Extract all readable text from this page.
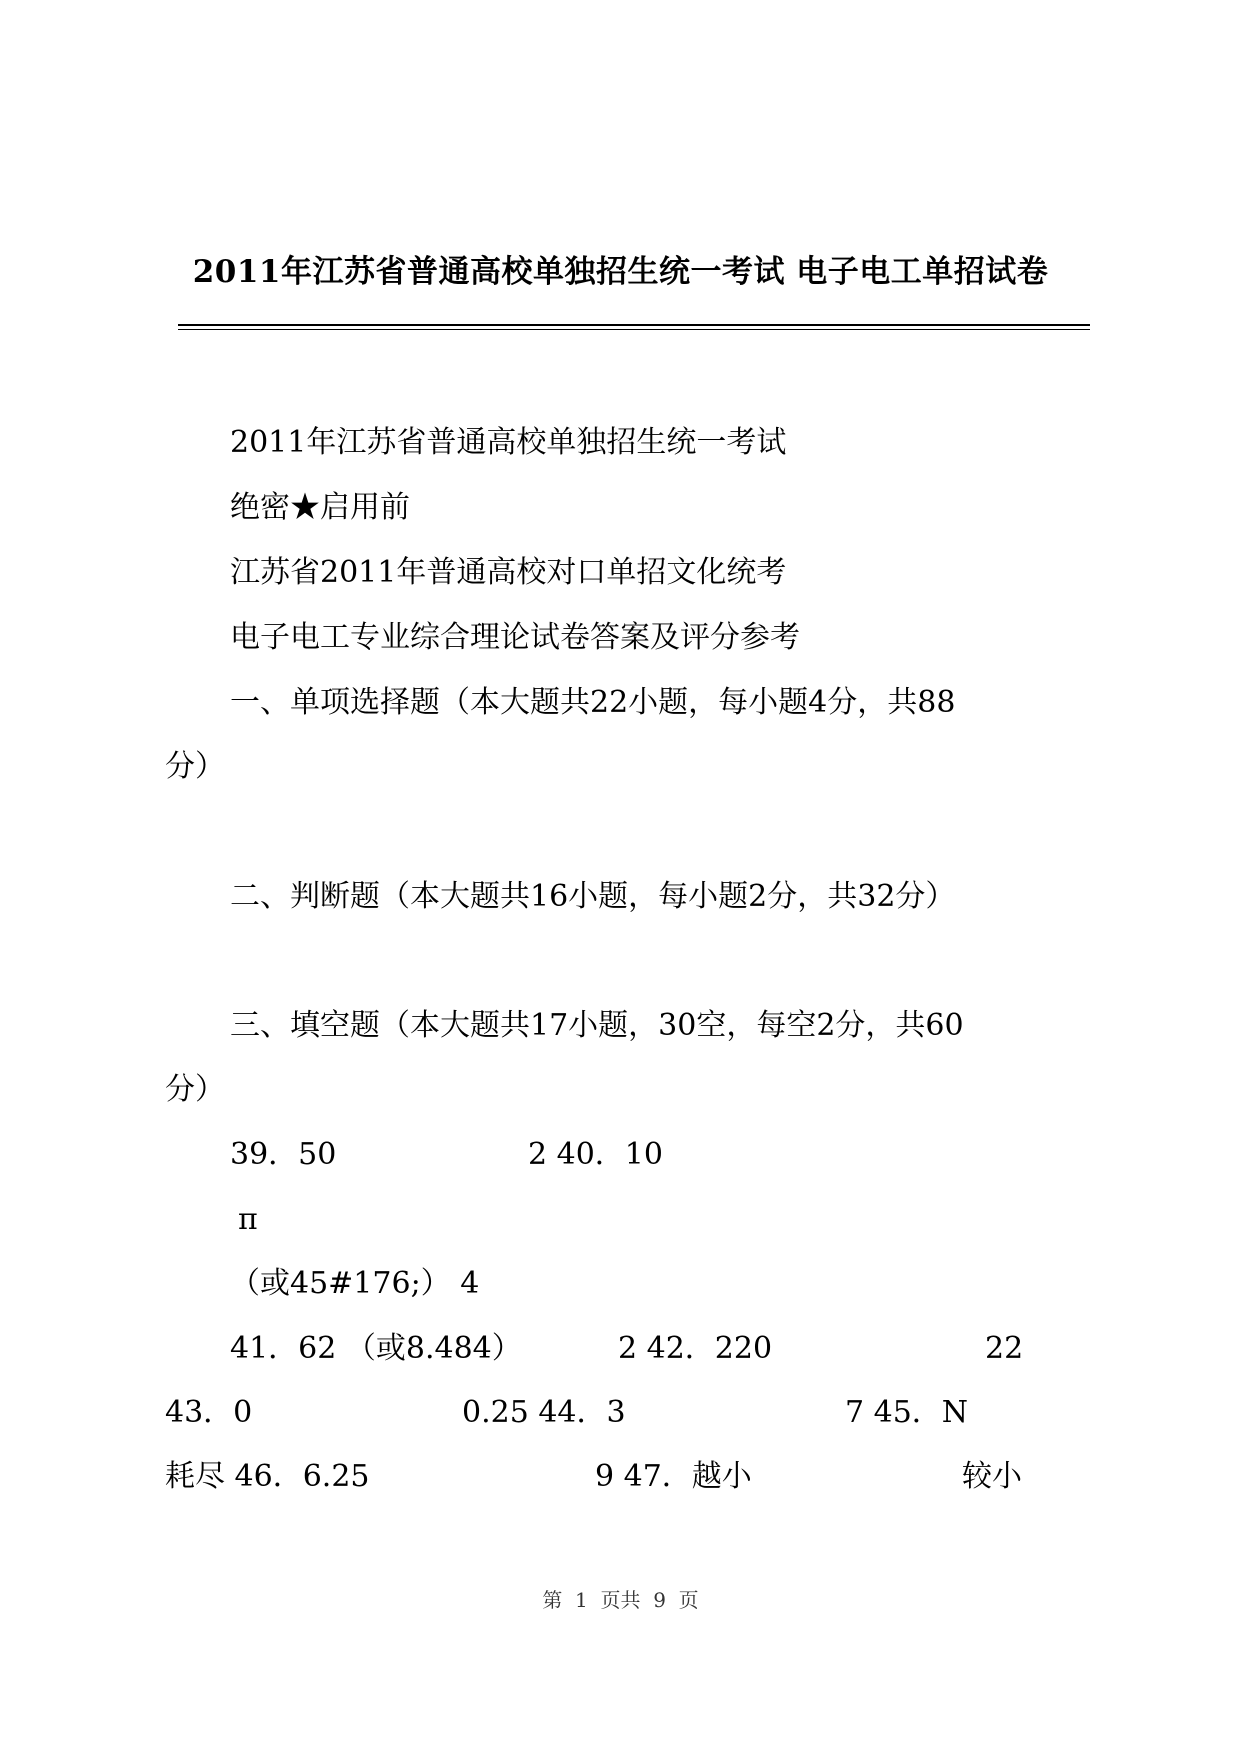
2011年江苏省普通高校单独招生统一考试 电子电工单招试卷
2011年江苏省普通高校单独招生统一考试
绝密★启用前
江苏省2011年普通高校对口单招文化统考
电子电工专业综合理论试卷答案及评分参考
一、单项选择题（本大题共22小题，每小题4分，共88
分）
二、判断题（本大题共16小题，每小题2分，共32分）
三、填空题（本大题共17小题，30空，每空2分，共60
分）
39．50	2 40．10
π
（或45#176;） 4
41．62 （或8.484）	2 42．220	22
43．0	0.25 44．3	7 45．N
耗尽 46．6.25	9 47．越小	较小
第  1  页共  9  页
